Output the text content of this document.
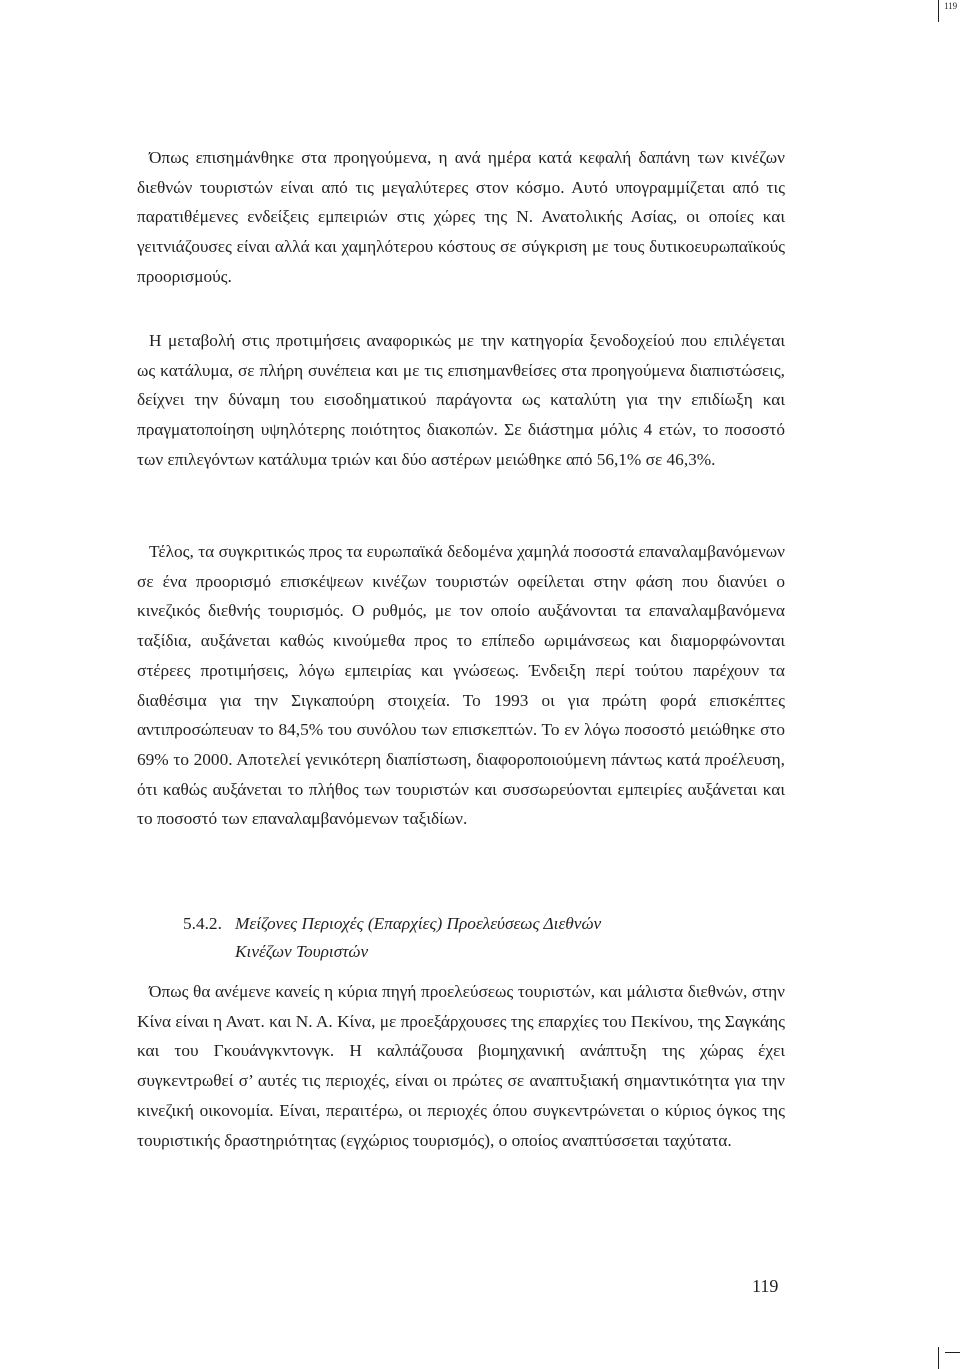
119

Όπως επισημάνθηκε στα προηγούμενα, η ανά ημέρα κατά κεφαλή δαπάνη των κινέζων διεθνών τουριστών είναι από τις μεγαλύτερες στον κόσμο. Αυτό υπογραμμίζεται από τις παρατιθέμενες ενδείξεις εμπειριών στις χώρες της Ν. Ανατολικής Ασίας, οι οποίες και γειτνιάζουσες είναι αλλά και χαμηλότερου κόστους σε σύγκριση με τους δυτικοευρωπαϊκούς προορισμούς.

Η μεταβολή στις προτιμήσεις αναφορικώς με την κατηγορία ξενοδοχείού που επιλέγεται ως κατάλυμα, σε πλήρη συνέπεια και με τις επισημανθείσες στα προηγούμενα διαπιστώσεις, δείχνει την δύναμη του εισοδηματικού παράγοντα ως καταλύτη για την επιδίωξη και πραγματοποίηση υψηλότερης ποιότητος διακοπών. Σε διάστημα μόλις 4 ετών, το ποσοστό των επιλεγόντων κατάλυμα τριών και δύο αστέρων μειώθηκε από 56,1% σε 46,3%.

Τέλος, τα συγκριτικώς προς τα ευρωπαϊκά δεδομένα χαμηλά ποσοστά επαναλαμβανόμενων σε ένα προορισμό επισκέψεων κινέζων τουριστών οφείλεται στην φάση που διανύει ο κινεζικός διεθνής τουρισμός. Ο ρυθμός, με τον οποίο αυξάνονται τα επαναλαμβανόμενα ταξίδια, αυξάνεται καθώς κινούμεθα προς το επίπεδο ωριμάνσεως και διαμορφώνονται στέρεες προτιμήσεις, λόγω εμπειρίας και γνώσεως. Ένδειξη περί τούτου παρέχουν τα διαθέσιμα για την Σιγκαπούρη στοιχεία. Το 1993 οι για πρώτη φορά επισκέπτες αντιπροσώπευαν το 84,5% του συνόλου των επισκεπτών. Το εν λόγω ποσοστό μειώθηκε στο 69% το 2000. Αποτελεί γενικότερη διαπίστωση, διαφοροποιούμενη πάντως κατά προέλευση, ότι καθώς αυξάνεται το πλήθος των τουριστών και συσσωρεύονται εμπειρίες αυξάνεται και το ποσοστό των επαναλαμβανόμενων ταξιδίων.

5.4.2. Μείζονες Περιοχές (Επαρχίες) Προελεύσεως Διεθνών
Κινέζων Τουριστών

Όπως θα ανέμενε κανείς η κύρια πηγή προελεύσεως τουριστών, και μάλιστα διεθνών, στην Κίνα είναι η Ανατ. και Ν. Α. Κίνα, με προεξάρχουσες της επαρχίες του Πεκίνου, της Σαγκάης και του Γκουάνγκντονγκ. Η καλπάζουσα βιομηχανική ανάπτυξη της χώρας έχει συγκεντρωθεί σ’ αυτές τις περιοχές, είναι οι πρώτες σε αναπτυξιακή σημαντικότητα για την κινεζική οικονομία. Είναι, περαιτέρω, οι περιοχές όπου συγκεντρώνεται ο κύριος όγκος της τουριστικής δραστηριότητας (εγχώριος τουρισμός), ο οποίος αναπτύσσεται ταχύτατα.

119
